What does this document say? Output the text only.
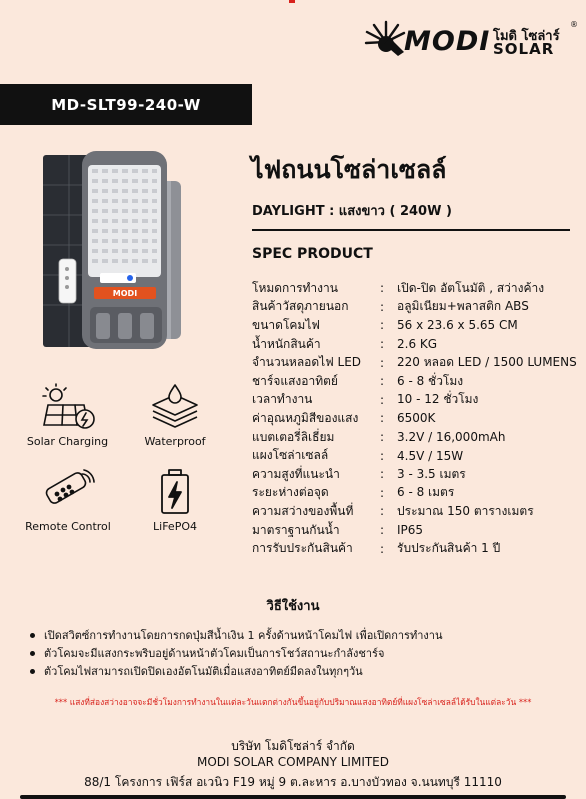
MODI โมดิ โซล่าร์
SOLAR
®
MD-SLT99-240-W
MODI
ไฟถนนโซล่าเซลล์
DAYLIGHT : แสงขาว ( 240W )
SPEC PRODUCT
โหมดการทำงาน	:	เปิด-ปิด อัตโนมัติ , สว่างค้าง
สินค้าวัสดุภายนอก	:	อลูมิเนียม+พลาสติก ABS
ขนาดโคมไฟ	:	56 x 23.6 x 5.65 CM
น้ำหนักสินค้า	:	2.6 KG
จำนวนหลอดไฟ LED	:	220 หลอด LED / 1500 LUMENS
ชาร์จแสงอาทิตย์	:	6 - 8 ชั่วโมง
เวลาทำงาน	:	10 - 12 ชั่วโมง
ค่าอุณหภูมิสีของแสง	:	6500K
แบตเตอรี่ลิเธี่ยม	:	3.2V / 16,000mAh
แผงโซล่าเซลล์	:	4.5V / 15W
ความสูงที่แนะนำ	:	3 - 3.5 เมตร
ระยะห่างต่อจุด	:	6 - 8 เมตร
ความสว่างของพื้นที่	:	ประมาณ 150 ตารางเมตร
มาตราฐานกันน้ำ	:	IP65
การรับประกันสินค้า	:	รับประกันสินค้า 1 ปี
Solar Charging	Waterproof
Remote Control	LiFePO4
วิธีใช้งาน
เปิดสวิตซ์การทำงานโดยการกดปุ่มสีน้ำเงิน 1 ครั้งด้านหน้าโคมไฟ เพื่อเปิดการทำงาน
ตัวโคมจะมีแสงกระพริบอยู่ด้านหน้าตัวโคมเป็นการโชว์สถานะกำลังชาร์จ
ตัวโคมไฟสามารถเปิดปิดเองอัตโนมัติเมื่อแสงอาทิตย์มีดลงในทุกๆวัน
*** แสงที่ส่องสว่างอาจจะมีชั่วโมงการทำงานในแต่ละวันแตกต่างกันขึ้นอยู่กับปริมาณแสงอาทิตย์ที่แผงโซล่าเซลล์ได้รับในแต่ละวัน ***
บริษัท โมดิโซล่าร์ จำกัด
MODI SOLAR COMPANY LIMITED
88/1 โครงการ เฟิร์ส อเวนิว F19 หมู่ 9 ต.ละหาร อ.บางบัวทอง จ.นนทบุรี 11110
